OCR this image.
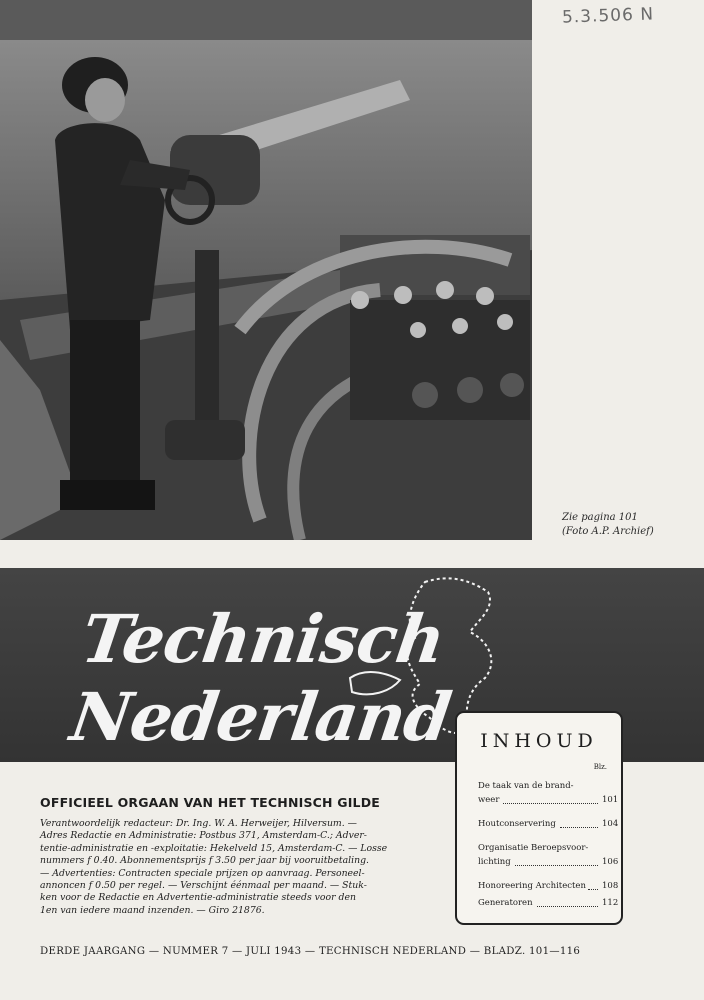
5.3.506 N
Zie pagina 101
(Foto A.P. Archief)
Technisch Nederland	INHOUD
Blz.
De taak van de brand-
weer	101
Houtconservering	104
Organisatie Beroepsvoor-
lichting	106
Honoreering Architecten 108
Generatoren	112
OFFICIEEL ORGAAN VAN HET TECHNISCH GILDE
Verantwoordelijk redacteur: Dr. Ing. W. A. Herweijer, Hilversum. —
Adres Redactie en Administratie: Postbus 371, Amsterdam-C.; Adver-
tentie-administratie en -exploitatie: Hekelveld 15, Amsterdam-C. — Losse
nummers f 0.40. Abonnementsprijs f 3.50 per jaar bij vooruitbetaling.
— Advertenties: Contracten speciale prijzen op aanvraag. Personeel-
annoncen f 0.50 per regel. — Verschijnt éénmaal per maand. — Stuk-
ken voor de Redactie en Advertentie-administratie steeds voor den
1en van iedere maand inzenden. — Giro 21876.
DERDE JAARGANG — NUMMER 7 — JULI 1943 — TECHNISCH NEDERLAND — BLADZ. 101—116
